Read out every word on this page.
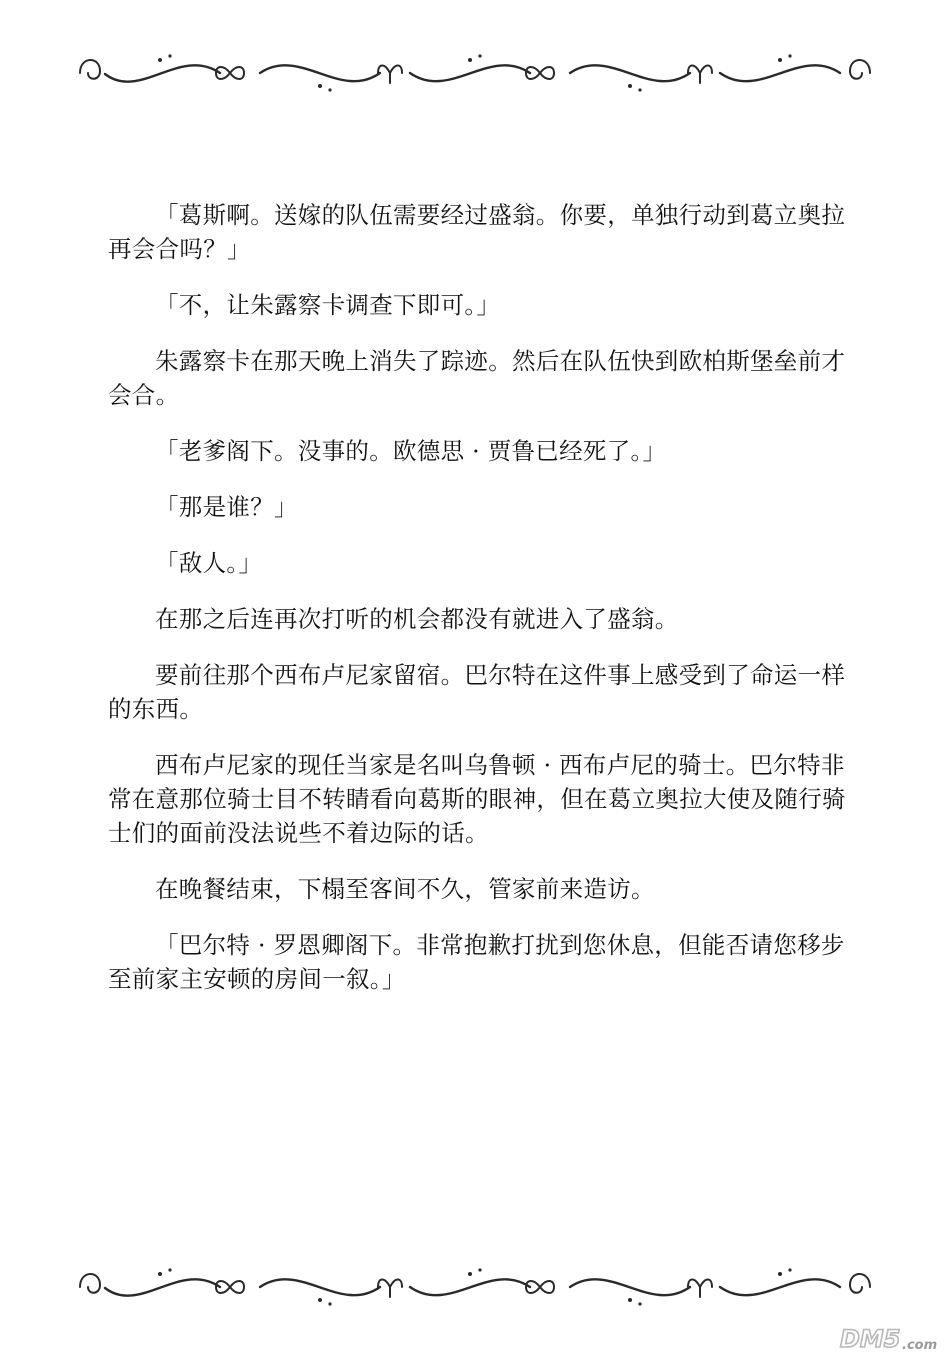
「葛斯啊。送嫁的队伍需要经过盛翁。你要，单独行动到葛立奥拉再会合吗？」

「不，让朱露察卡调查下即可。」

朱露察卡在那天晚上消失了踪迹。然后在队伍快到欧柏斯堡垒前才会合。

「老爹阁下。没事的。欧德思 · 贾鲁已经死了。」

「那是谁？」

「敌人。」

在那之后连再次打听的机会都没有就进入了盛翁。

要前往那个西布卢尼家留宿。巴尔特在这件事上感受到了命运一样的东西。

西布卢尼家的现任当家是名叫乌鲁顿 · 西布卢尼的骑士。巴尔特非常在意那位骑士目不转睛看向葛斯的眼神，但在葛立奥拉大使及随行骑士们的面前没法说些不着边际的话。

在晚餐结束，下榻至客间不久，管家前来造访。

「巴尔特 · 罗恩卿阁下。非常抱歉打扰到您休息，但能否请您移步至前家主安顿的房间一叙。」

DM5 .com
